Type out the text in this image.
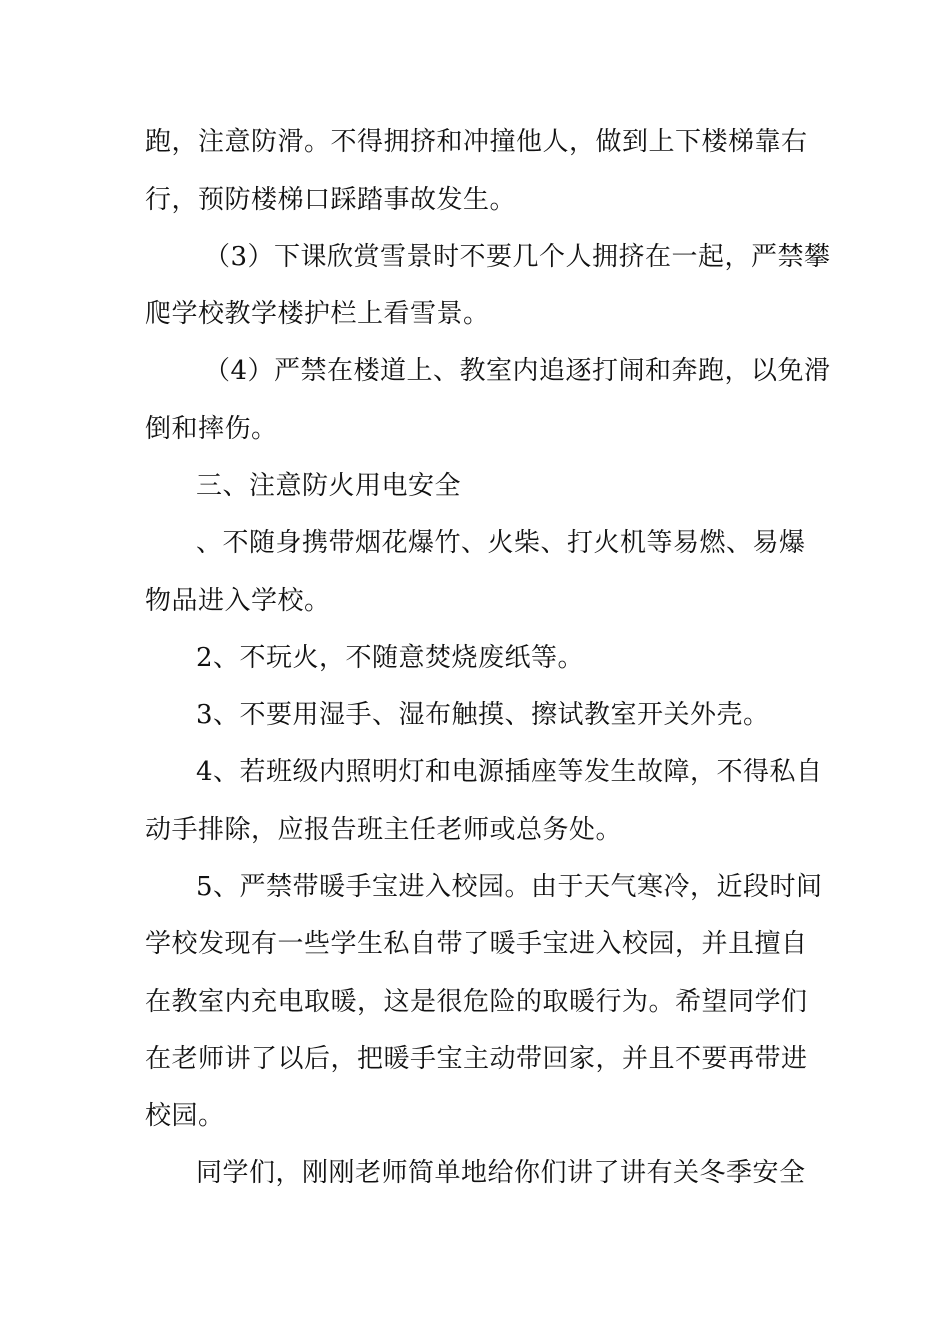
跑，注意防滑。不得拥挤和冲撞他人，做到上下楼梯靠右
行，预防楼梯口踩踏事故发生。
（3）下课欣赏雪景时不要几个人拥挤在一起，严禁攀
爬学校教学楼护栏上看雪景。
（4）严禁在楼道上、教室内追逐打闹和奔跑，以免滑
倒和摔伤。
三、注意防火用电安全
、不随身携带烟花爆竹、火柴、打火机等易燃、易爆
物品进入学校。
2、不玩火，不随意焚烧废纸等。
3、不要用湿手、湿布触摸、擦试教室开关外壳。
4、若班级内照明灯和电源插座等发生故障，不得私自
动手排除，应报告班主任老师或总务处。
5、严禁带暖手宝进入校园。由于天气寒冷，近段时间
学校发现有一些学生私自带了暖手宝进入校园，并且擅自
在教室内充电取暖，这是很危险的取暖行为。希望同学们
在老师讲了以后，把暖手宝主动带回家，并且不要再带进
校园。
同学们，刚刚老师简单地给你们讲了讲有关冬季安全
